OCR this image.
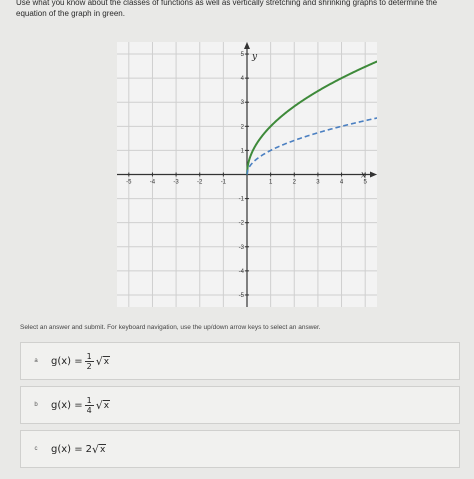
Use what you know about the classes of functions as well as vertically stretching and shrinking graphs to determine the equation of the graph in green.
-5	-4	-3	-2	-1	1	2	3	4	5
5
4
3
2
1
-1
-2
-3
-4
-5
x
y
Select an answer and submit. For keyboard navigation, use the up/down arrow keys to select an answer.
a	$g(x) = \frac{1}{2}$ √ x
b	$g(x) = \frac{1}{4}$ √ x
c	g(x) = 2 √ x
